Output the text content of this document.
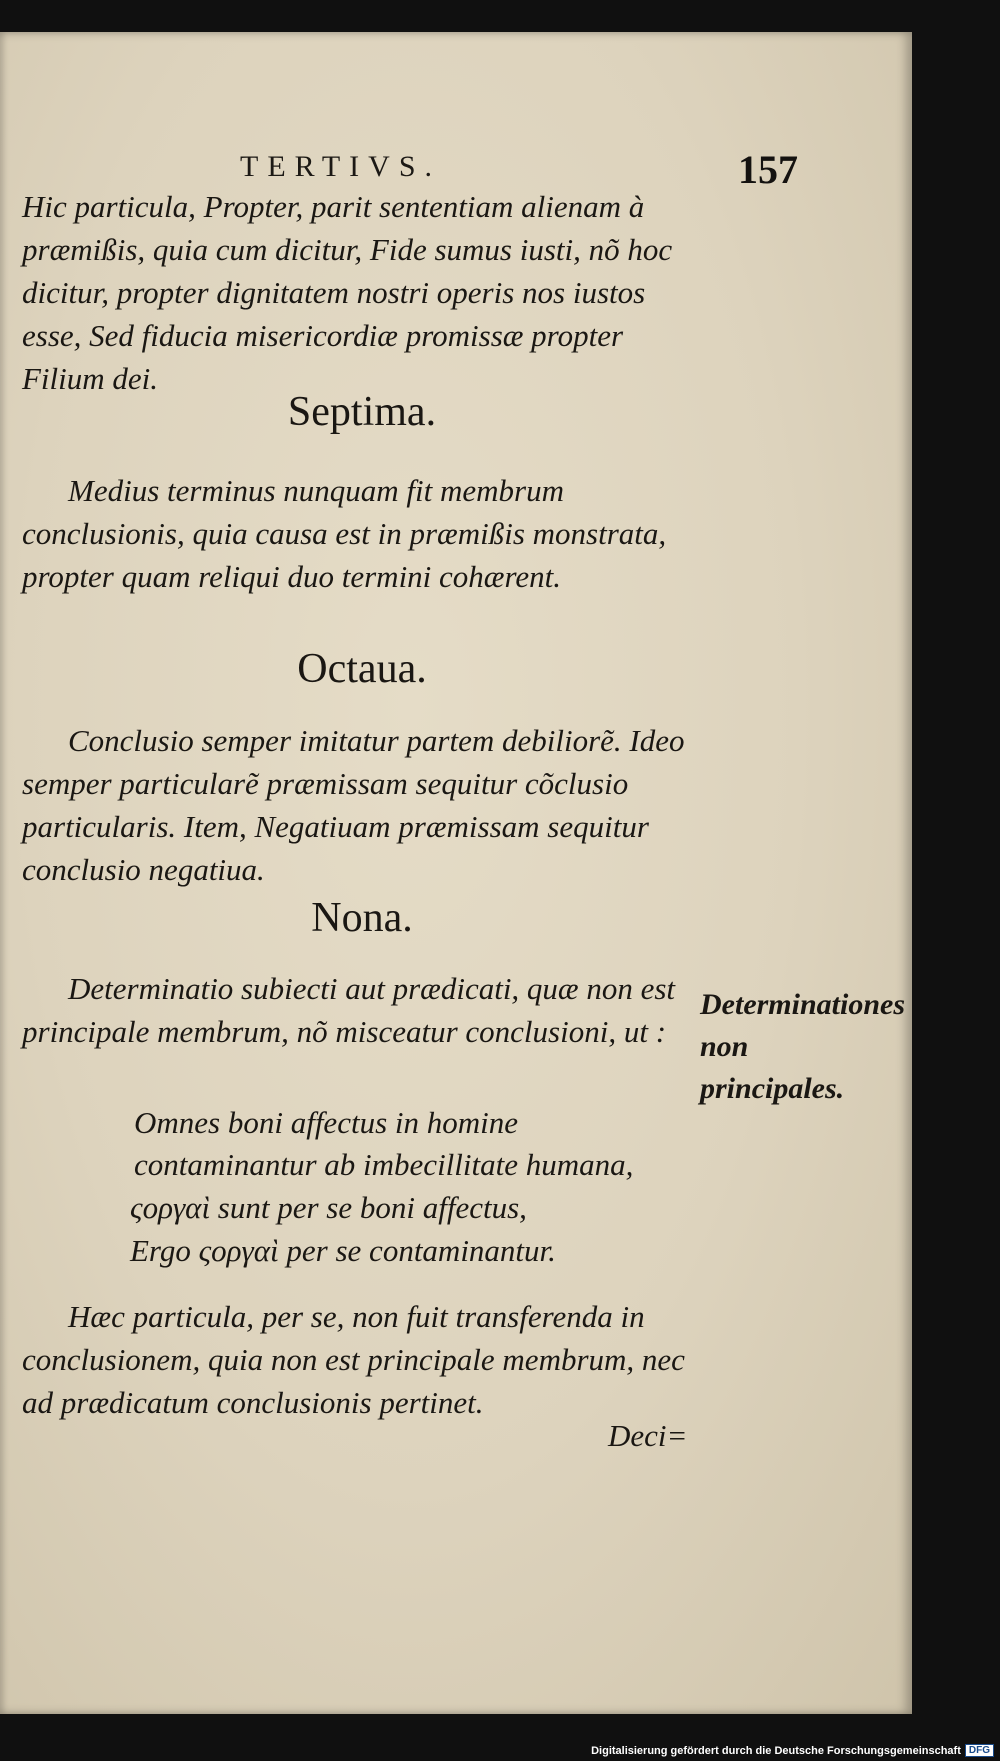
TERTIVS.	157

Hic particula, Propter, parit sententiam alienam à præmißis, quia cum dicitur, Fide sumus iusti, nõ hoc dicitur, propter dignitatem nostri operis nos iustos esse, Sed fiducia misericordiæ promissæ propter Filium dei.

Septima.

Medius terminus nunquam fit membrum conclusionis, quia causa est in præmißis monstrata, propter quam reliqui duo termini cohærent.

Octaua.

Conclusio semper imitatur partem debiliorẽ. Ideo semper particularẽ præmissam sequitur cõclusio particularis. Item, Negatiuam præmissam sequitur conclusio negatiua.

Nona.

Determinatio subiecti aut prædicati, quæ non est principale membrum, nõ misceatur conclusioni, ut :

Omnes boni affectus in homine contaminantur ab imbecillitate humana,

ςοργαὶ sunt per se boni affectus,

Ergo ςοργαὶ per se contaminantur.

Hæc particula, per se, non fuit transferenda in conclusionem, quia non est principale membrum, nec ad prædicatum conclusionis pertinet.

Determinationes non principales.

Deci=
Digitalisierung gefördert durch die Deutsche Forschungsgemeinschaft DFG
